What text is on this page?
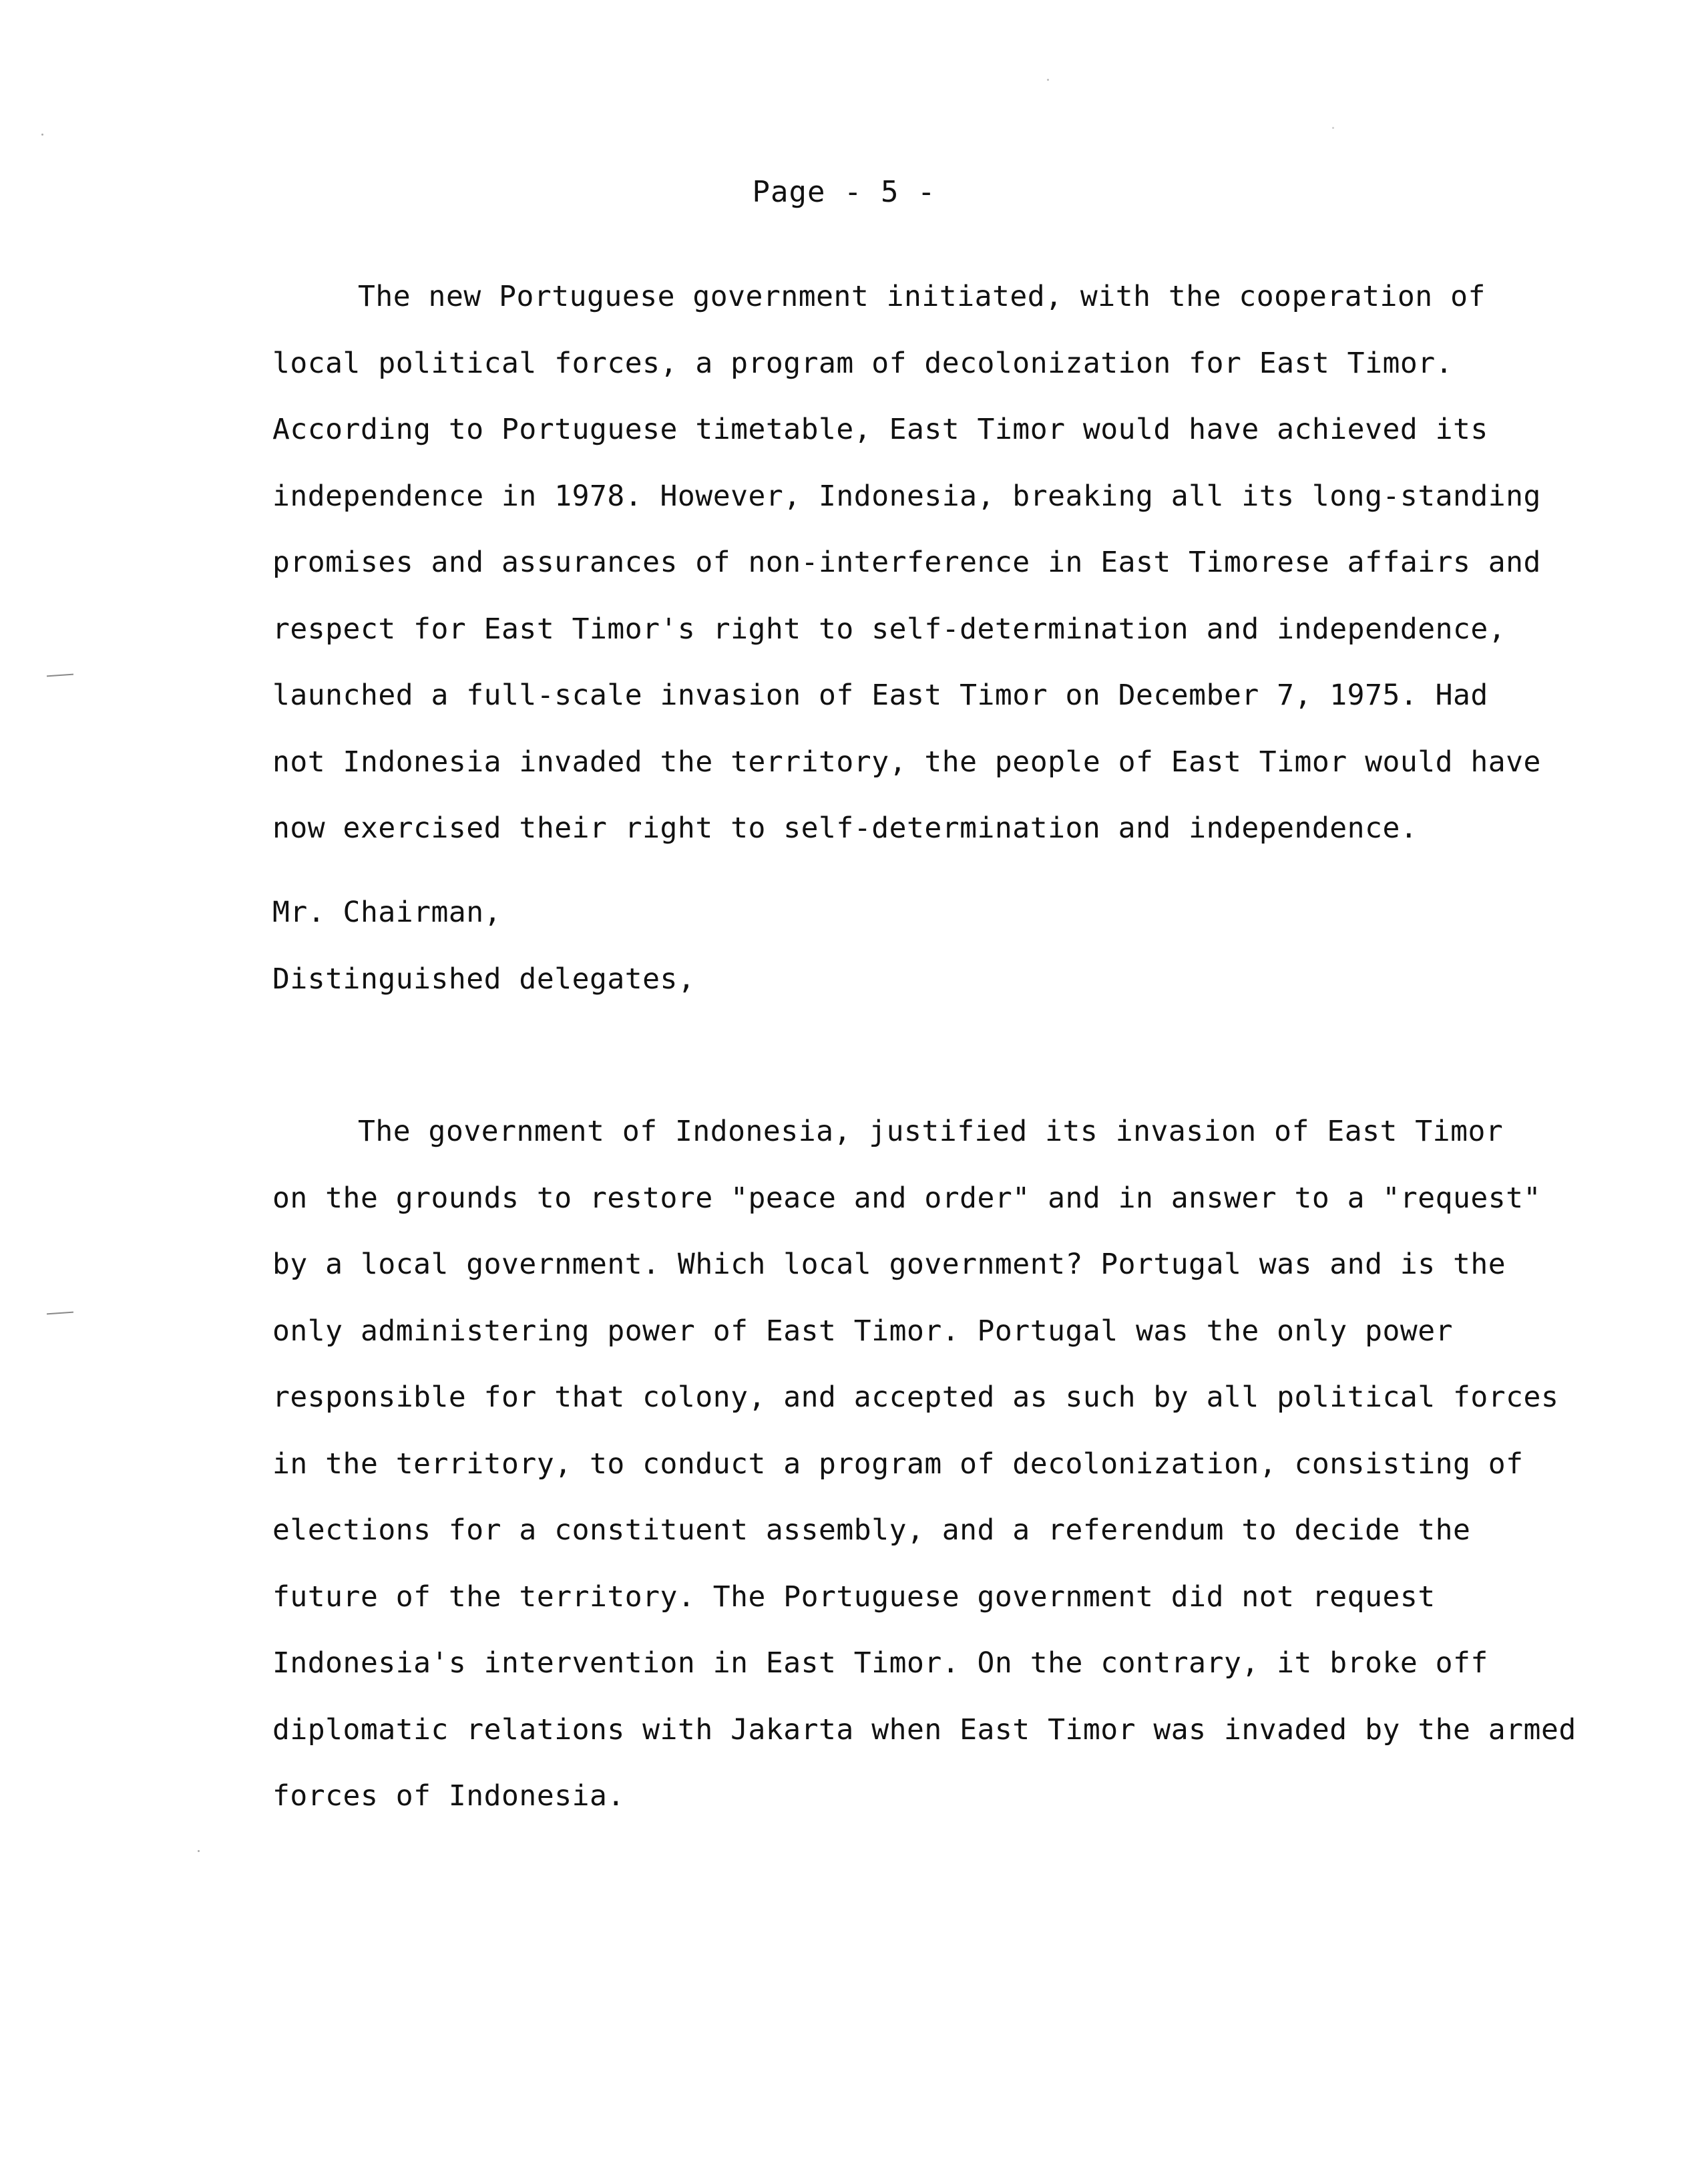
Page - 5 -
The new Portuguese government initiated, with the cooperation of
local political forces, a program of decolonization for East Timor.
According to Portuguese timetable, East Timor would have achieved its
independence in 1978. However, Indonesia, breaking all its long-standing
promises and assurances of non-interference in East Timorese affairs and
respect for East Timor's right to self-determination and independence,
launched a full-scale invasion of East Timor on December 7, 1975. Had
not Indonesia invaded the territory, the people of East Timor would have
now exercised their right to self-determination and independence.
Mr. Chairman,
Distinguished delegates,
The government of Indonesia, justified its invasion of East Timor
on the grounds to restore "peace and order" and in answer to a "request"
by a local government. Which local government? Portugal was and is the
only administering power of East Timor. Portugal was the only power
responsible for that colony, and accepted as such by all political forces
in the territory, to conduct a program of decolonization, consisting of
elections for a constituent assembly, and a referendum to decide the
future of the territory. The Portuguese government did not request
Indonesia's intervention in East Timor. On the contrary, it broke off
diplomatic relations with Jakarta when East Timor was invaded by the armed
forces of Indonesia.
